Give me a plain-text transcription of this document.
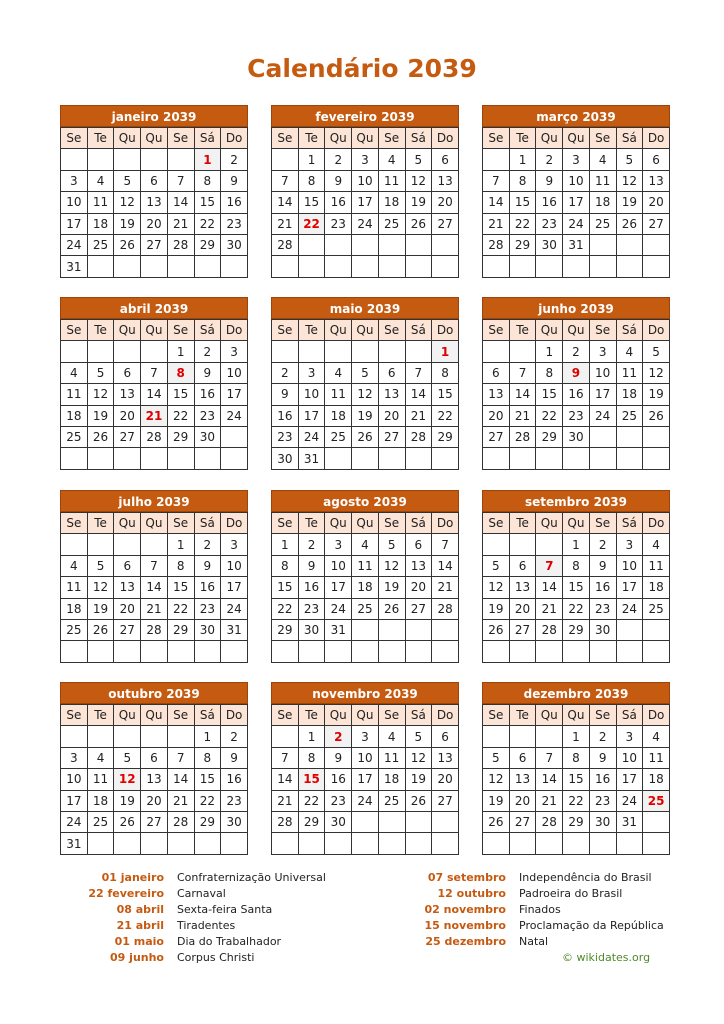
Calendário 2039
janeiro 2039
Se	Te	Qu	Qu	Se	Sá	Do
					1	2
3	4	5	6	7	8	9
10	11	12	13	14	15	16
17	18	19	20	21	22	23
24	25	26	27	28	29	30
31						
fevereiro 2039
Se	Te	Qu	Qu	Se	Sá	Do
	1	2	3	4	5	6
7	8	9	10	11	12	13
14	15	16	17	18	19	20
21	22	23	24	25	26	27
28						

março 2039
Se	Te	Qu	Qu	Se	Sá	Do
	1	2	3	4	5	6
7	8	9	10	11	12	13
14	15	16	17	18	19	20
21	22	23	24	25	26	27
28	29	30	31			

abril 2039
Se	Te	Qu	Qu	Se	Sá	Do
				1	2	3
4	5	6	7	8	9	10
11	12	13	14	15	16	17
18	19	20	21	22	23	24
25	26	27	28	29	30	

maio 2039
Se	Te	Qu	Qu	Se	Sá	Do
						1
2	3	4	5	6	7	8
9	10	11	12	13	14	15
16	17	18	19	20	21	22
23	24	25	26	27	28	29
30	31					
junho 2039
Se	Te	Qu	Qu	Se	Sá	Do
		1	2	3	4	5
6	7	8	9	10	11	12
13	14	15	16	17	18	19
20	21	22	23	24	25	26
27	28	29	30			

julho 2039
Se	Te	Qu	Qu	Se	Sá	Do
				1	2	3
4	5	6	7	8	9	10
11	12	13	14	15	16	17
18	19	20	21	22	23	24
25	26	27	28	29	30	31

agosto 2039
Se	Te	Qu	Qu	Se	Sá	Do
1	2	3	4	5	6	7
8	9	10	11	12	13	14
15	16	17	18	19	20	21
22	23	24	25	26	27	28
29	30	31				

setembro 2039
Se	Te	Qu	Qu	Se	Sá	Do
			1	2	3	4
5	6	7	8	9	10	11
12	13	14	15	16	17	18
19	20	21	22	23	24	25
26	27	28	29	30		

outubro 2039
Se	Te	Qu	Qu	Se	Sá	Do
					1	2
3	4	5	6	7	8	9
10	11	12	13	14	15	16
17	18	19	20	21	22	23
24	25	26	27	28	29	30
31						
novembro 2039
Se	Te	Qu	Qu	Se	Sá	Do
	1	2	3	4	5	6
7	8	9	10	11	12	13
14	15	16	17	18	19	20
21	22	23	24	25	26	27
28	29	30				

dezembro 2039
Se	Te	Qu	Qu	Se	Sá	Do
			1	2	3	4
5	6	7	8	9	10	11
12	13	14	15	16	17	18
19	20	21	22	23	24	25
26	27	28	29	30	31	

01 janeiro Confraternização Universal
22 fevereiro Carnaval
08 abril Sexta-feira Santa
21 abril Tiradentes
01 maio Dia do Trabalhador
09 junho Corpus Christi
07 setembro Independência do Brasil
12 outubro Padroeira do Brasil
02 novembro Finados
15 novembro Proclamação da República
25 dezembro Natal
© wikidates.org
